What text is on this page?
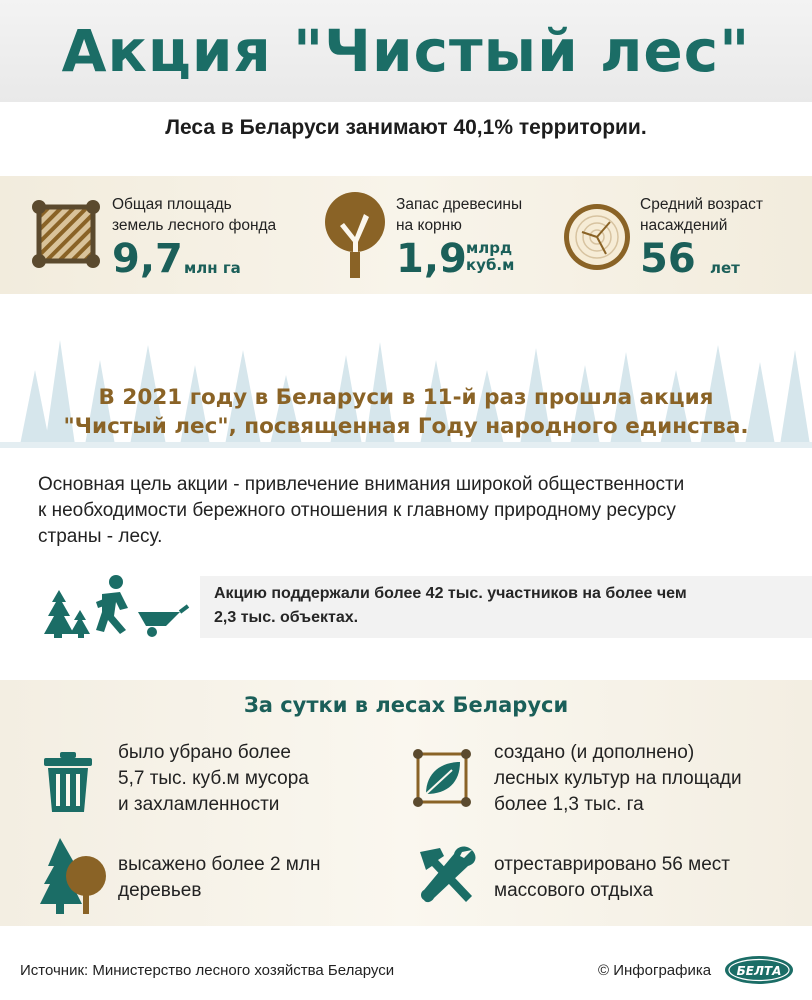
Акция "Чистый лес"
Леса в Беларуси занимают 40,1% территории.
Общая площадь
земель лесного фонда
9,7 млн га
Запас древесины
на корню
1,9 млрд
куб.м
Средний возраст
насаждений
56 лет
В 2021 году в Беларуси в 11-й раз прошла акция
"Чистый лес", посвященная Году народного единства.
Основная цель акции - привлечение внимания широкой общественности
к необходимости бережного отношения к главному природному ресурсу
страны - лесу.
Акцию поддержали более 42 тыс. участников на более чем
2,3 тыс. объектах.
За сутки в лесах Беларуси
было убрано более
5,7 тыс. куб.м мусора
и захламленности
создано (и дополнено)
лесных культур на площади
более 1,3 тыс. га
высажено более 2 млн
деревьев
отреставрировано 56 мест
массового отдыха
Источник: Министерство лесного хозяйства Беларуси	© Инфографика БЕЛТА
